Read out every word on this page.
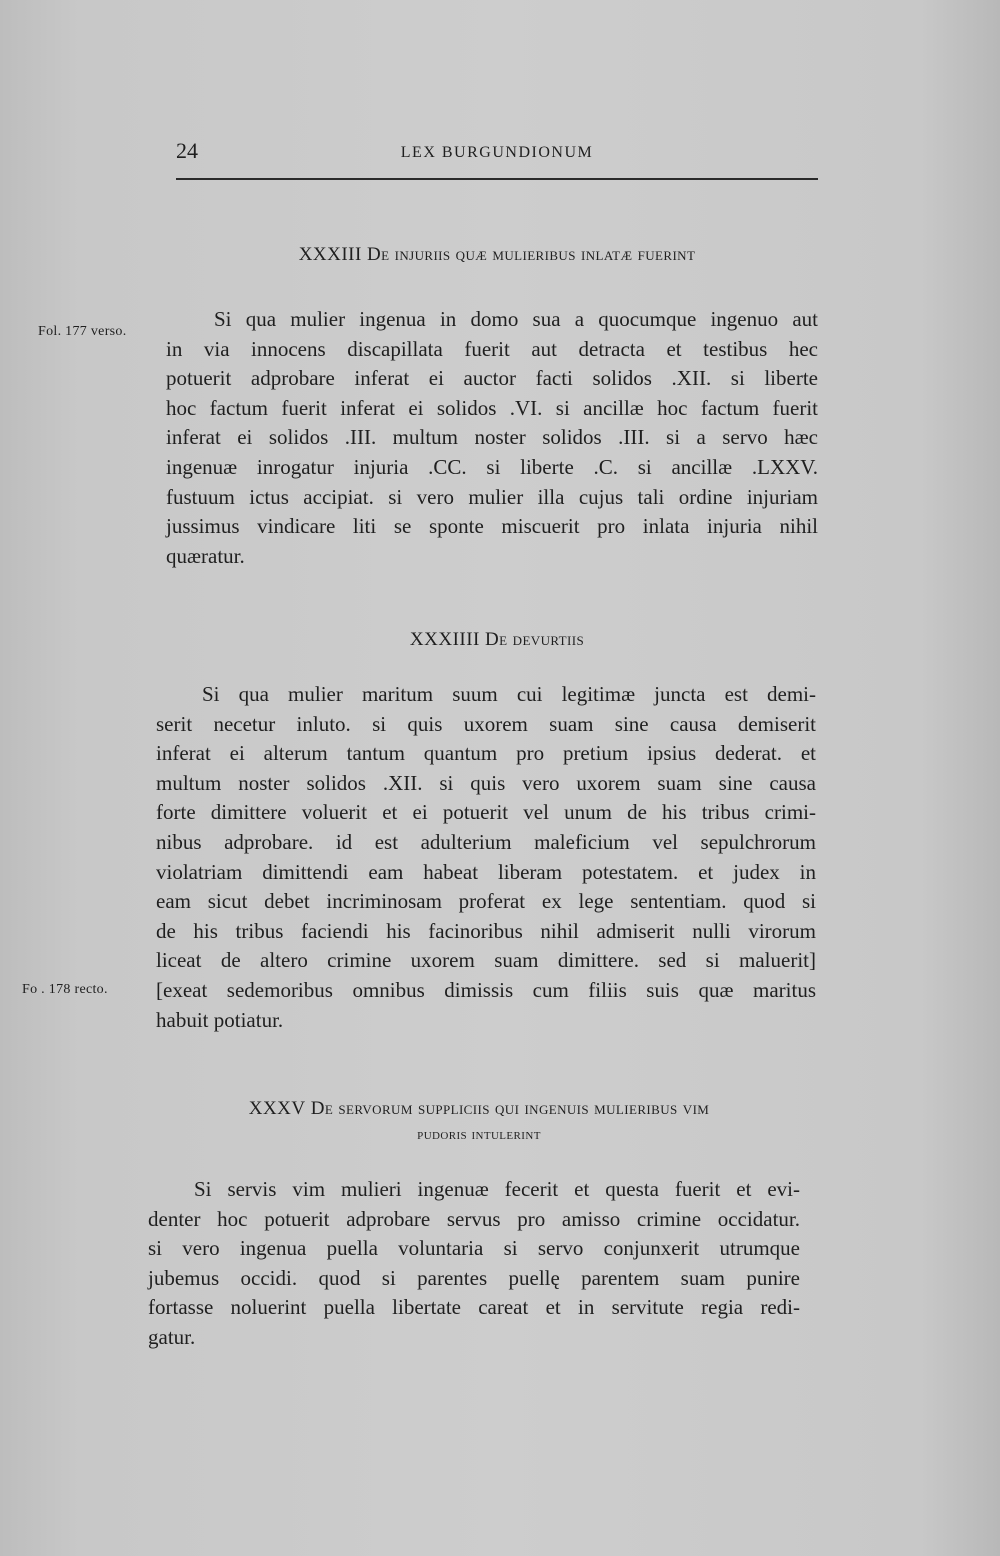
24	LEX BURGUNDIONUM
XXXIII De injuriis quæ mulieribus inlatæ fuerint
Fol. 177 verso.
Si qua mulier ingenua in domo sua a quocumque ingenuo aut
in via innocens discapillata fuerit aut detracta et testibus hec
potuerit adprobare inferat ei auctor facti solidos .XII. si liberte
hoc factum fuerit inferat ei solidos .VI. si ancillæ hoc factum fuerit
inferat ei solidos .III. multum noster solidos .III. si a servo hæc
ingenuæ inrogatur injuria .CC. si liberte .C. si ancillæ .LXXV.
fustuum ictus accipiat. si vero mulier illa cujus tali ordine injuriam
jussimus vindicare liti se sponte miscuerit pro inlata injuria nihil
quæratur.
XXXIIII De devurtiis
Si qua mulier maritum suum cui legitimæ juncta est demi-
serit necetur inluto. si quis uxorem suam sine causa demiserit
inferat ei alterum tantum quantum pro pretium ipsius dederat. et
multum noster solidos .XII. si quis vero uxorem suam sine causa
forte dimittere voluerit et ei potuerit vel unum de his tribus crimi-
nibus adprobare. id est adulterium maleficium vel sepulchrorum
violatriam dimittendi eam habeat liberam potestatem. et judex in
eam sicut debet incriminosam proferat ex lege sententiam. quod si
de his tribus faciendi his facinoribus nihil admiserit nulli virorum
liceat de altero crimine uxorem suam dimittere. sed si maluerit]
[exeat sedemoribus omnibus dimissis cum filiis suis quæ maritus
habuit potiatur.
Fo . 178 recto.
XXXV De servorum suppliciis qui ingenuis mulieribus vim
pudoris intulerint
Si servis vim mulieri ingenuæ fecerit et questa fuerit et evi-
denter hoc potuerit adprobare servus pro amisso crimine occidatur.
si vero ingenua puella voluntaria si servo conjunxerit utrumque
jubemus occidi. quod si parentes puellę parentem suam punire
fortasse noluerint puella libertate careat et in servitute regia redi-
gatur.
